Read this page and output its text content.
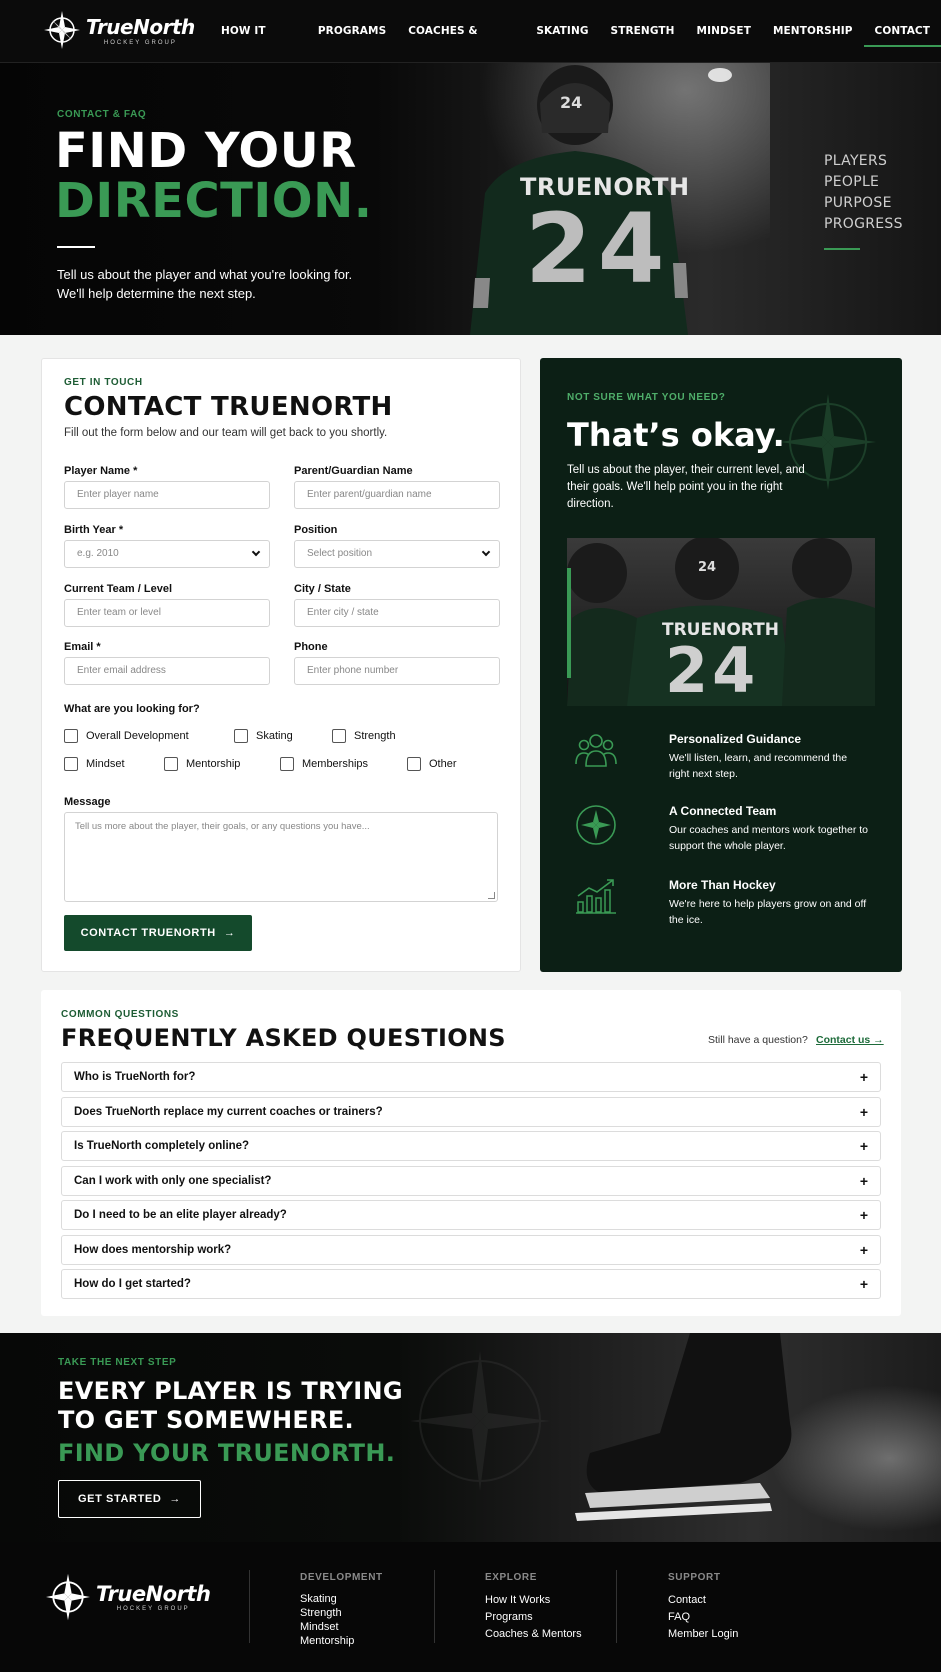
TrueNorth
HOCKEY GROUP
HOW IT	PROGRAMS	COACHES &	SKATING	STRENGTH	MINDSET	MENTORSHIP	CONTACT
24
TRUENORTH
24
CONTACT & FAQ
FIND YOUR
DIRECTION.
Tell us about the player and what you're looking for. We'll help determine the next step.
PLAYERS
PEOPLE
PURPOSE
PROGRESS
GET IN TOUCH
CONTACT TRUENORTH
Fill out the form below and our team will get back to you shortly.
Player Name *
Enter player name
Parent/Guardian Name
Enter parent/guardian name
Birth Year *
e.g. 2010
Position
Select position
Current Team / Level
Enter team or level
City / State
Enter city / state
Email *
Enter email address
Phone
Enter phone number
What are you looking for?
Overall Development	Skating	Strength
Mindset	Mentorship	Memberships	Other
Message
Tell us more about the player, their goals, or any questions you have...
CONTACT TRUENORTH →
NOT SURE WHAT YOU NEED?
That’s okay.
Tell us about the player, their current level, and their goals. We'll help point you in the right direction.
24
TRUENORTH
24
Personalized Guidance
We'll listen, learn, and recommend the right next step.
A Connected Team
Our coaches and mentors work together to support the whole player.
More Than Hockey
We're here to help players grow on and off the ice.
COMMON QUESTIONS
FREQUENTLY ASKED QUESTIONS	Still have a question? Contact us →
Who is TrueNorth for?	+
Does TrueNorth replace my current coaches or trainers?	+
Is TrueNorth completely online?	+
Can I work with only one specialist?	+
Do I need to be an elite player already?	+
How does mentorship work?	+
How do I get started?	+
TAKE THE NEXT STEP
EVERY PLAYER IS TRYING
TO GET SOMEWHERE.
FIND YOUR TRUENORTH.
GET STARTED →
TrueNorth
HOCKEY GROUP
DEVELOPMENT
Skating
Strength
Mindset
Mentorship
EXPLORE
How It Works
Programs
Coaches & Mentors
SUPPORT
Contact
FAQ
Member Login
